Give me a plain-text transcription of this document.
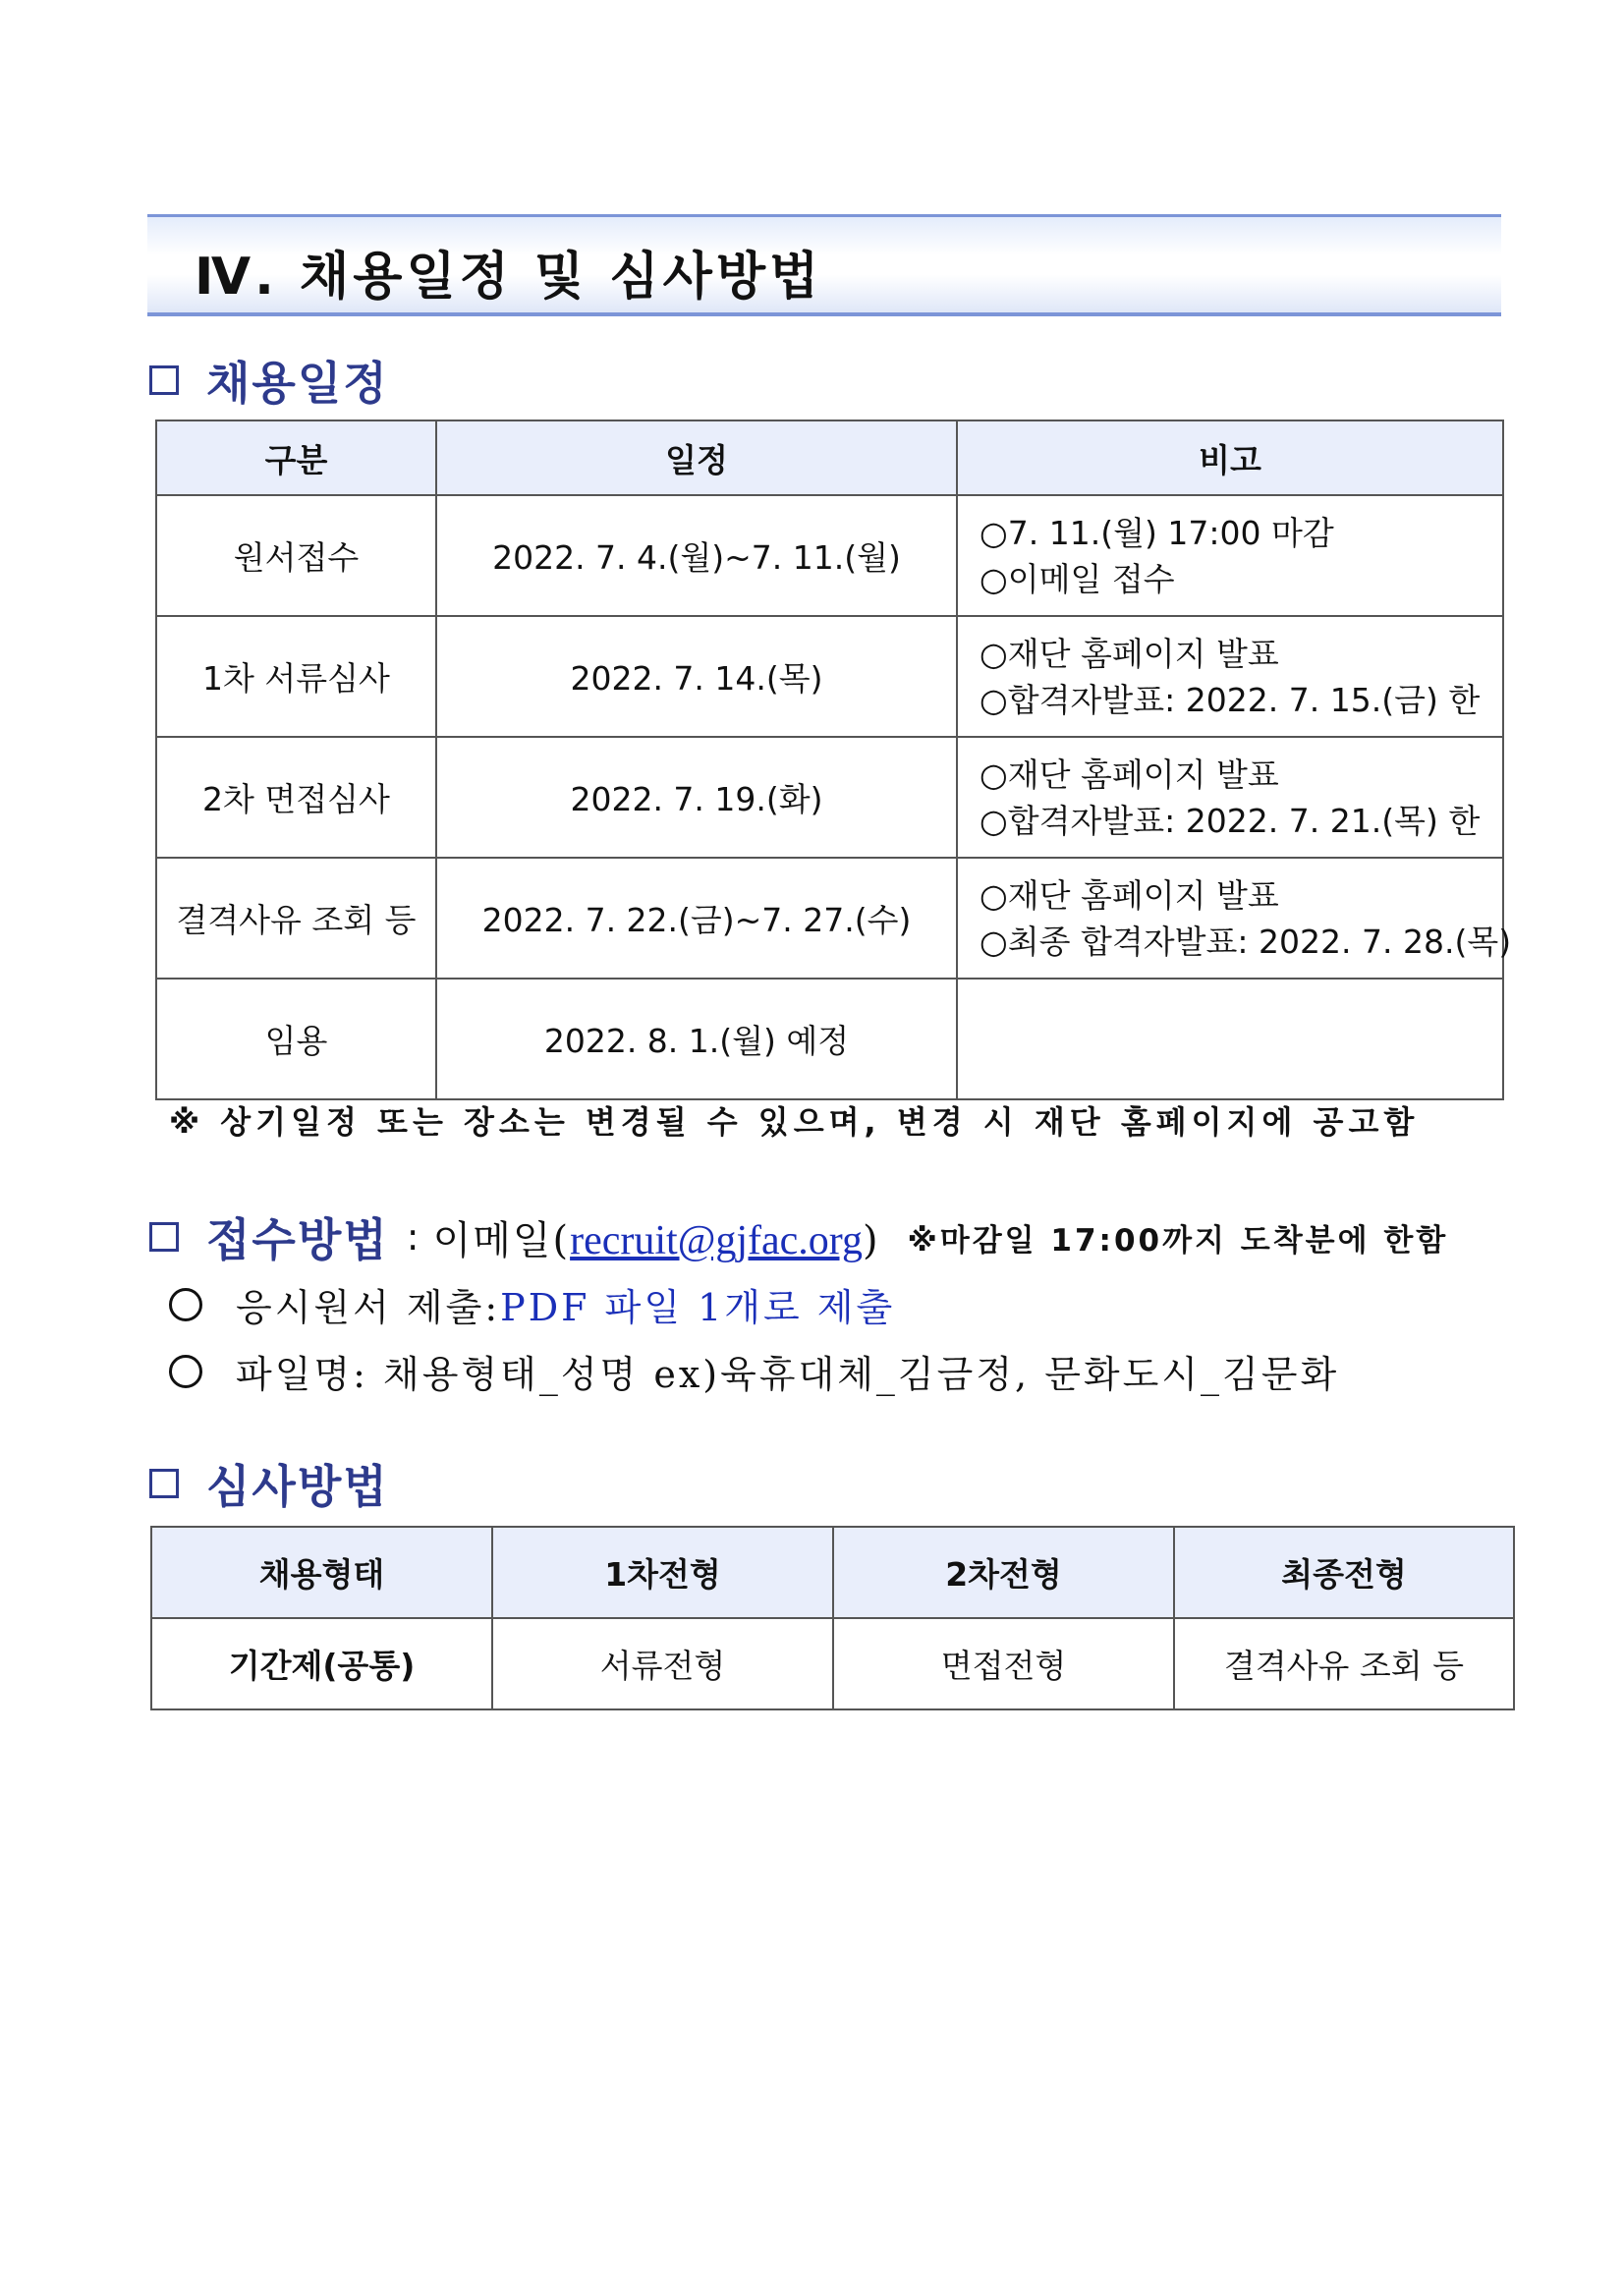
Ⅳ. 채용일정 및 심사방법
채용일정
구분	일정	비고
원서접수	2022. 7. 4.(월)~7. 11.(월)	○7. 11.(월) 17:00 마감
○이메일 접수

1차 서류심사	2022. 7. 14.(목)	○재단 홈페이지 발표
○합격자발표: 2022. 7. 15.(금) 한

2차 면접심사	2022. 7. 19.(화)	○재단 홈페이지 발표
○합격자발표: 2022. 7. 21.(목) 한

결격사유 조회 등	2022. 7. 22.(금)~7. 27.(수)	○재단 홈페이지 발표
○최종 합격자발표: 2022. 7. 28.(목)

임용	2022. 8. 1.(월) 예정	
※ 상기일정 또는 장소는 변경될 수 있으며, 변경 시 재단 홈페이지에 공고함
접수방법 : 이메일(recruit@gjfac.org) ※마감일 17:00까지 도착분에 한함
응시원서 제출: PDF 파일 1개로 제출
파일명: 채용형태_성명 ex)육휴대체_김금정, 문화도시_김문화
심사방법
채용형태	1차전형	2차전형	최종전형
기간제(공통)	서류전형	면접전형	결격사유 조회 등
